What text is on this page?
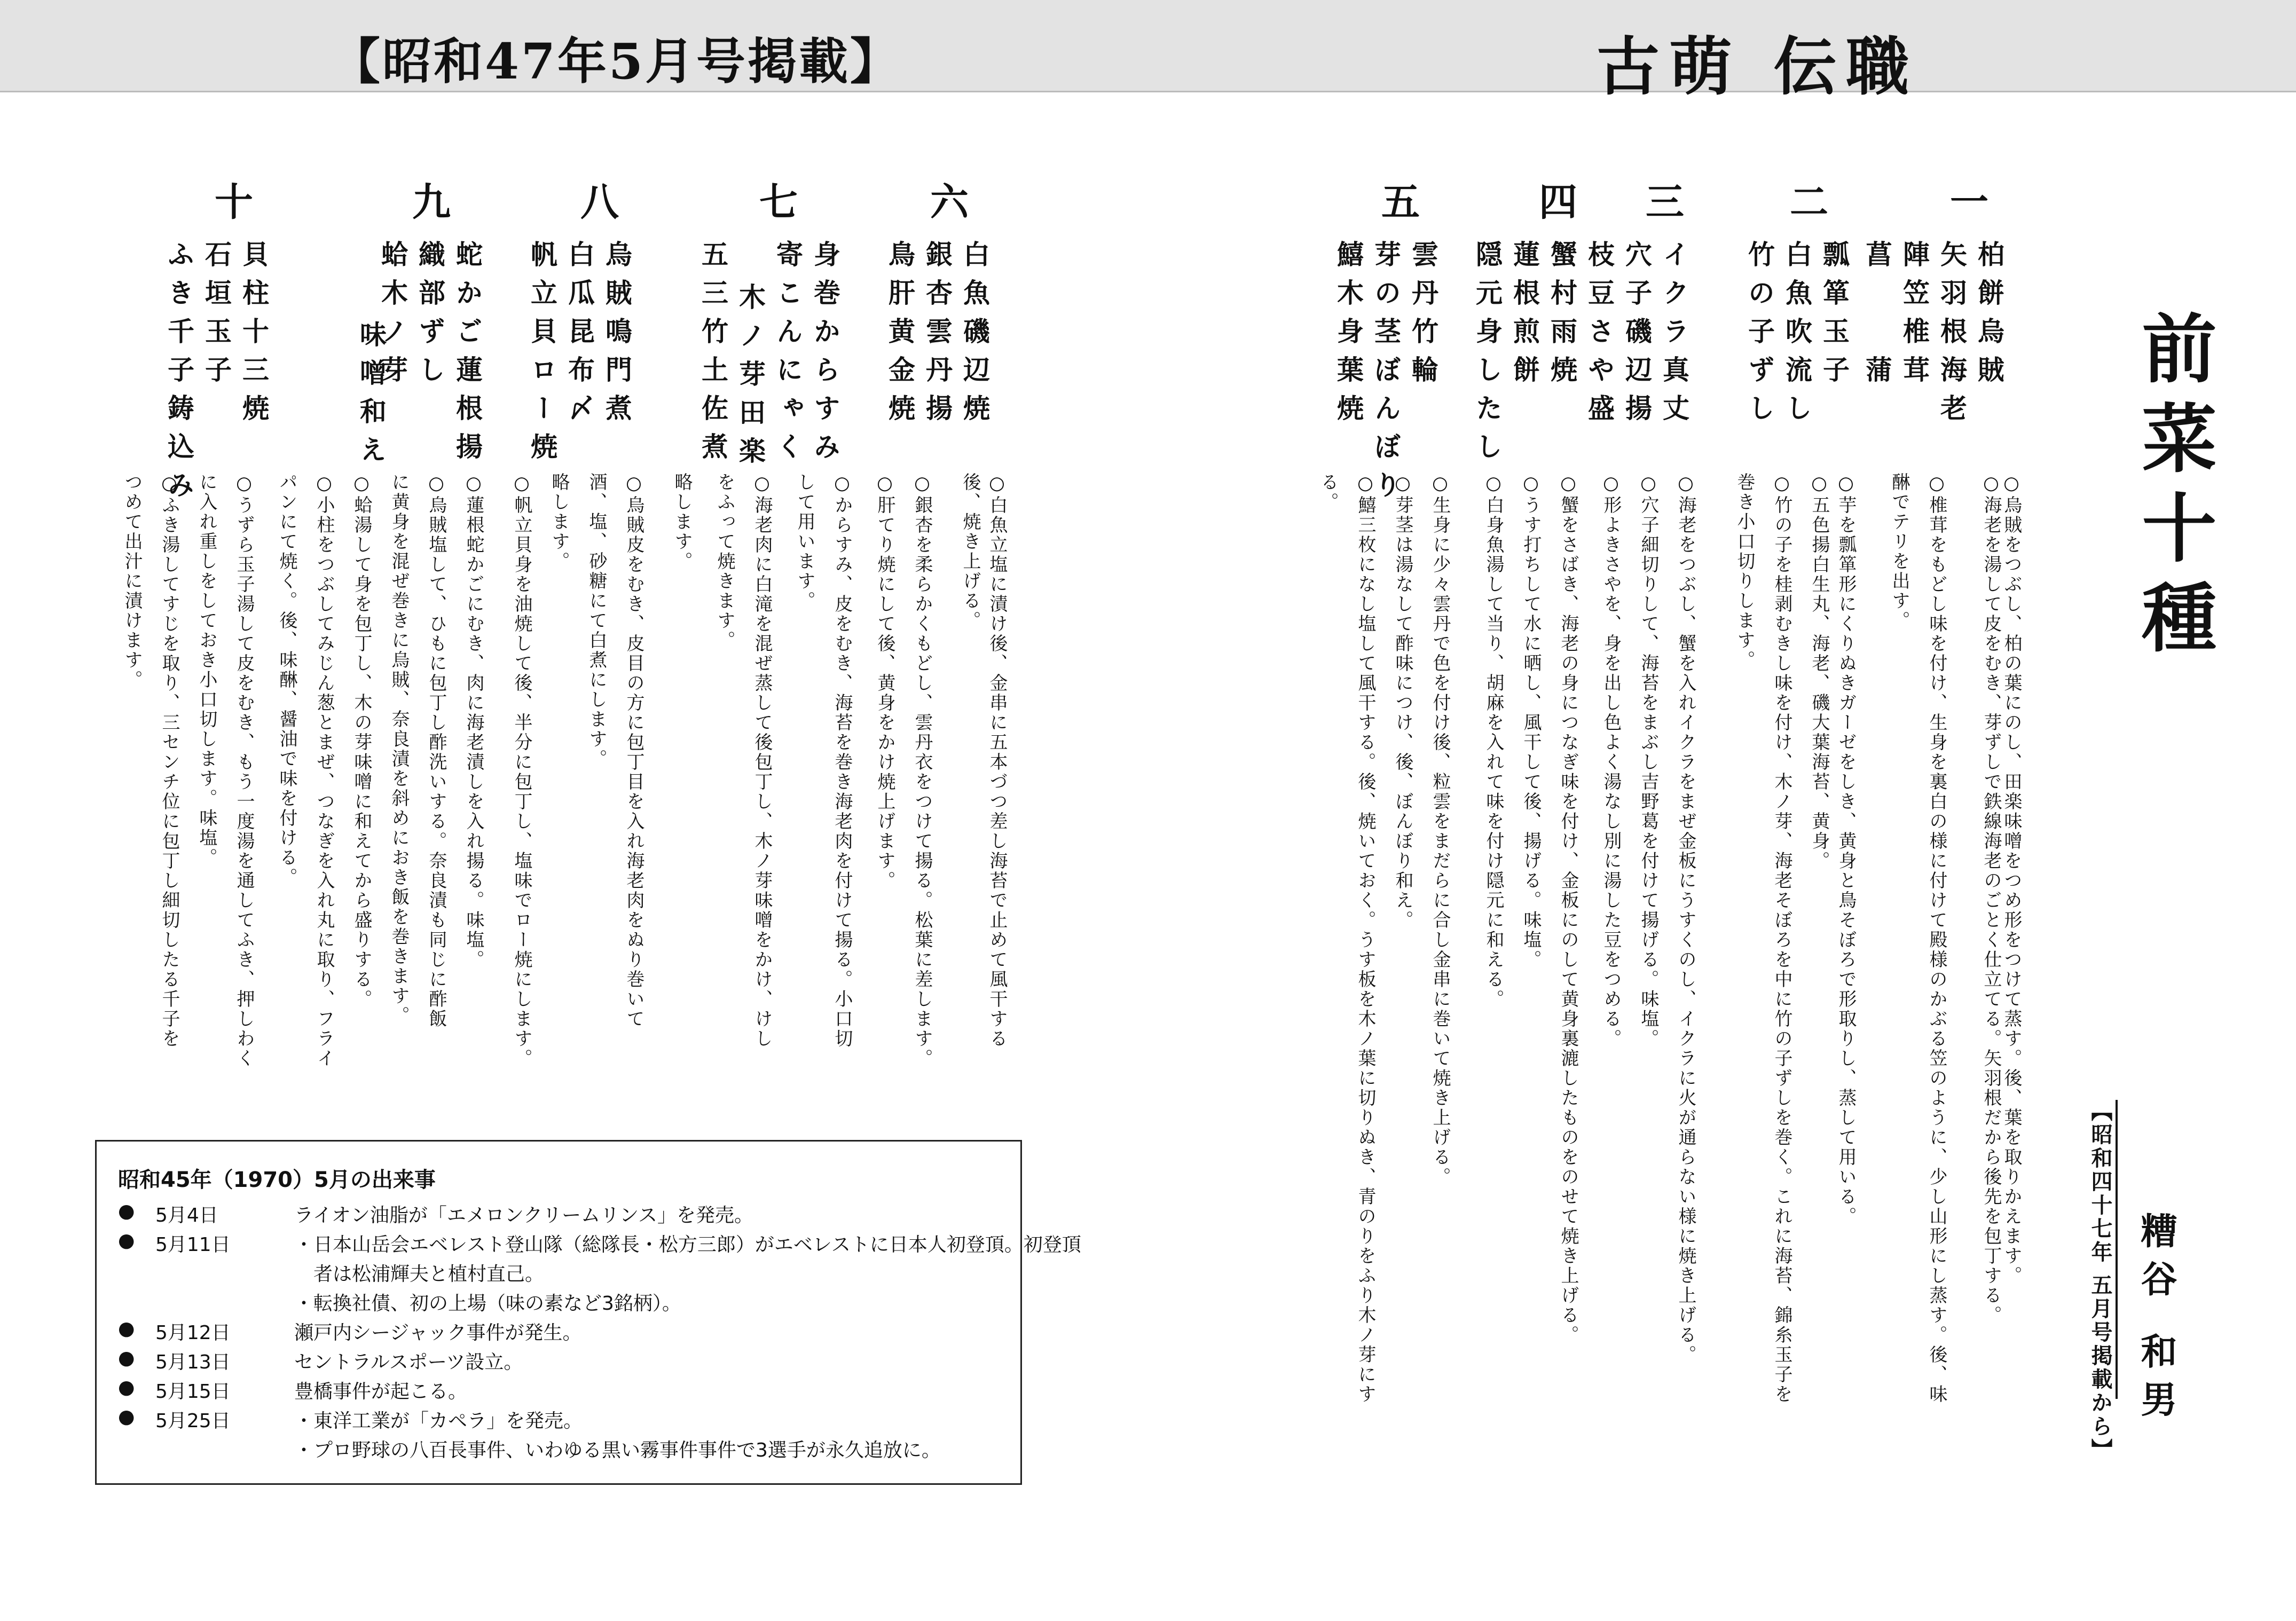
【昭和47年5月号掲載】	古萌 伝職
前菜十種
【昭和四十七年 五月号掲載から】 糟谷 和男
一
柏餅烏賊
矢羽根海老
陣笠椎茸
菖　　蒲
○烏賊をつぶし、柏の葉にのし、田楽味噌をつめ形をつけて蒸す。後、葉を取りかえます。
○海老を湯して皮をむき、芽ずしで鉄線海老のごとく仕立てる。矢羽根だから後先を包丁する。
○椎茸をもどし味を付け、生身を裏白の様に付けて殿様のかぶる笠のように、少し山形にし蒸す。後、味
醂でテリを出す。
二
瓢箪玉子
白魚吹流し
竹の子ずし
○芋を瓢箪形にくりぬきガーゼをしき、黄身と鳥そぼろで形取りし、蒸して用いる。
○五色揚白生丸、海老、磯大葉海苔、黄身。
○竹の子を桂剥むきし味を付け、木ノ芽、海老そぼろを中に竹の子ずしを巻く。これに海苔、錦糸玉子を
巻き小口切りします。
三
イクラ真丈
穴子磯辺揚
枝豆さや盛
○海老をつぶし、蟹を入れイクラをまぜ金板にうすくのし、イクラに火が通らない様に焼き上げる。
○穴子細切りして、海苔をまぶし吉野葛を付けて揚げる。味塩。
○形よきさやを、身を出し色よく湯なし別に湯した豆をつめる。
四
蟹村雨焼
蓮根煎餅
隠元身したし
○蟹をさばき、海老の身につなぎ味を付け、金板にのして黄身裏漉したものをのせて焼き上げる。
○うす打ちして水に晒し、風干して後、揚げる。味塩。
○白身魚湯して当り、胡麻を入れて味を付け隠元に和える。
五
雲丹竹輪
芽の茎ぼんぼり
鱚木身葉焼
○生身に少々雲丹で色を付け後、粒雲をまだらに合し金串に巻いて焼き上げる。
○芽茎は湯なして酢味につけ、後、ぼんぼり和え。
○鱚三枚になし塩して風干する。後、焼いておく。うす板を木ノ葉に切りぬき、青のりをふり木ノ芽にす
る。
六
白魚磯辺焼
銀杏雲丹揚
鳥肝黄金焼
○白魚立塩に漬け後、金串に五本づつ差し海苔で止めて風干する
後、焼き上げる。
○銀杏を柔らかくもどし、雲丹衣をつけて揚る。松葉に差します。
○肝てり焼にして後、黄身をかけ焼上げます。
○からすみ、皮をむき、海苔を巻き海老肉を付けて揚る。小口切
して用います。
七
身巻からすみ
寄こんにゃく
木ノ芽田楽
五三竹土佐煮
○海老肉に白滝を混ぜ蒸して後包丁し、木ノ芽味噌をかけ、けし
をふって焼きます。
略します。
八
烏賊鳴門煮
白瓜昆布〆
帆立貝ロー焼
○烏賊皮をむき、皮目の方に包丁目を入れ海老肉をぬり巻いて
酒、塩、砂糖にて白煮にします。
略します。
○帆立貝身を油焼して後、半分に包丁し、塩味でロー焼にします。
九
蛇かご蓮根揚
織部ずし
蛤木ノ芽
味噌和え
○蓮根蛇かごにむき、肉に海老漬しを入れ揚る。味塩。
○烏賊塩して、ひもに包丁し酢洗いする。奈良漬も同じに酢飯
に黄身を混ぜ巻きに烏賊、奈良漬を斜めにおき飯を巻きます。
○蛤湯して身を包丁し、木の芽味噌に和えてから盛りする。
十
貝柱十三焼
石垣玉子
ふき千子鋳込み
○小柱をつぶしてみじん葱とまぜ、つなぎを入れ丸に取り、フライ
パンにて焼く。後、味醂、醤油で味を付ける。
○うずら玉子湯して皮をむき、もう一度湯を通してふき、押しわく
に入れ重しをしておき小口切します。味塩。
○ふき湯してすじを取り、三センチ位に包丁し細切したる千子を
つめて出汁に漬けます。
昭和45年（1970）5月の出来事
● 5月4日	ライオン油脂が「エメロンクリームリンス」を発売。
● 5月11日	・日本山岳会エベレスト登山隊（総隊長・松方三郎）がエベレストに日本人初登頂。初登頂
　者は松浦輝夫と植村直己。
・転換社債、初の上場（味の素など3銘柄）。
● 5月12日	瀬戸内シージャック事件が発生。
● 5月13日	セントラルスポーツ設立。
● 5月15日	豊橋事件が起こる。
● 5月25日	・東洋工業が「カペラ」を発売。
・プロ野球の八百長事件、いわゆる黒い霧事件事件で3選手が永久追放に。
